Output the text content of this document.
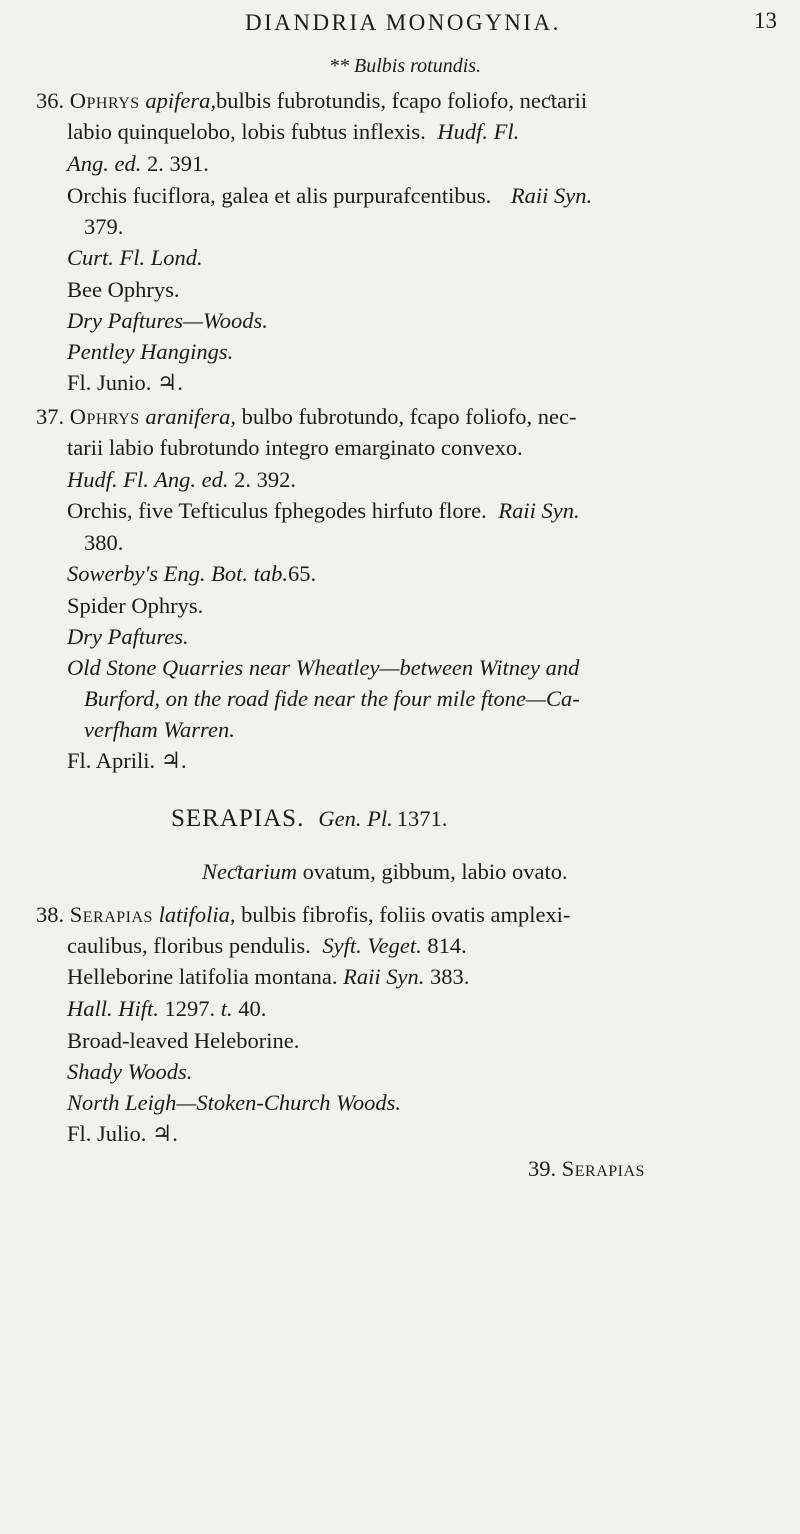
DIANDRIA MONOGYNIA.	13
** Bulbis rotundis.
36. Ophrys apifera,bulbis fubrotundis, fcapo foliofo, neƈtarii
labio quinquelobo, lobis fubtus inflexis. Hudf. Fl.
Ang. ed. 2. 391.
Orchis fuciflora, galea et alis purpurafcentibus. Raii Syn.
379.
Curt. Fl. Lond.
Bee Ophrys.
Dry Paftures—Woods.
Pentley Hangings.
Fl. Junio. ♃.
37. Ophrys aranifera, bulbo fubrotundo, fcapo foliofo, nec-
tarii labio fubrotundo integro emarginato convexo.
Hudf. Fl. Ang. ed. 2. 392.
Orchis, five Tefticulus fphegodes hirfuto flore. Raii Syn.
380.
Sowerby's Eng. Bot. tab.65.
Spider Ophrys.
Dry Paftures.
Old Stone Quarries near Wheatley—between Witney and
Burford, on the road fide near the four mile ftone—Ca-
verfham Warren.
Fl. Aprili. ♃.
SERAPIAS. Gen. Pl. 1371.
Neƈtarium ovatum, gibbum, labio ovato.
38. Serapias latifolia, bulbis fibrofis, foliis ovatis amplexi-
caulibus, floribus pendulis. Syft. Veget. 814.
Helleborine latifolia montana. Raii Syn. 383.
Hall. Hift. 1297. t. 40.
Broad-leaved Heleborine.
Shady Woods.
North Leigh—Stoken-Church Woods.
Fl. Julio. ♃.
39. Serapias
